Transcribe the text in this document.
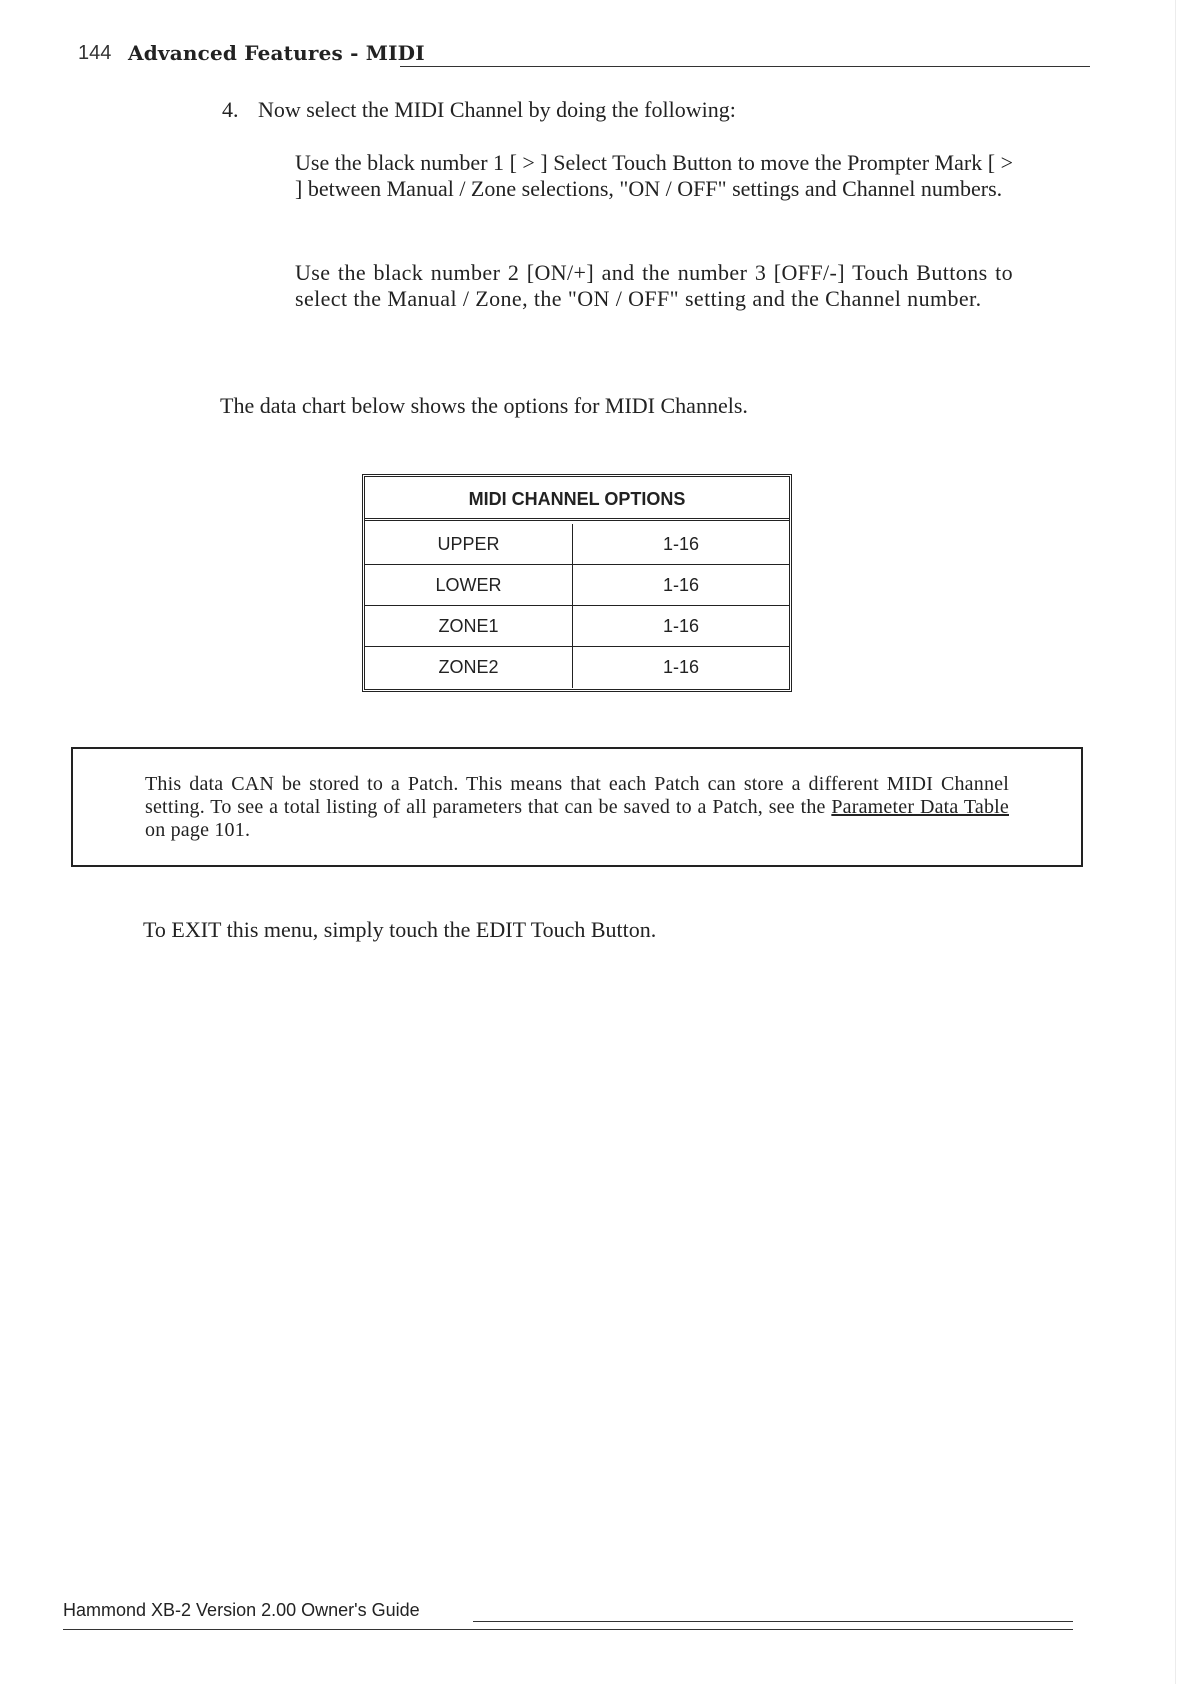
144 Advanced Features - MIDI
4. Now select the MIDI Channel by doing the following:
Use the black number 1 [ > ] Select Touch Button to move the Prompter Mark [ > ] between Manual / Zone selections, "ON / OFF" settings and Channel numbers.
Use the black number 2 [ON/+] and the number 3 [OFF/-] Touch Buttons to select the Manual / Zone, the "ON / OFF" setting and the Channel number.
The data chart below shows the options for MIDI Channels.
MIDI CHANNEL OPTIONS
UPPER	1-16
LOWER	1-16
ZONE1	1-16
ZONE2	1-16
This data CAN be stored to a Patch. This means that each Patch can store a different MIDI Channel setting. To see a total listing of all parameters that can be saved to a Patch, see the Parameter Data Table on page 101.
To EXIT this menu, simply touch the EDIT Touch Button.
Hammond XB-2 Version 2.00 Owner's Guide
